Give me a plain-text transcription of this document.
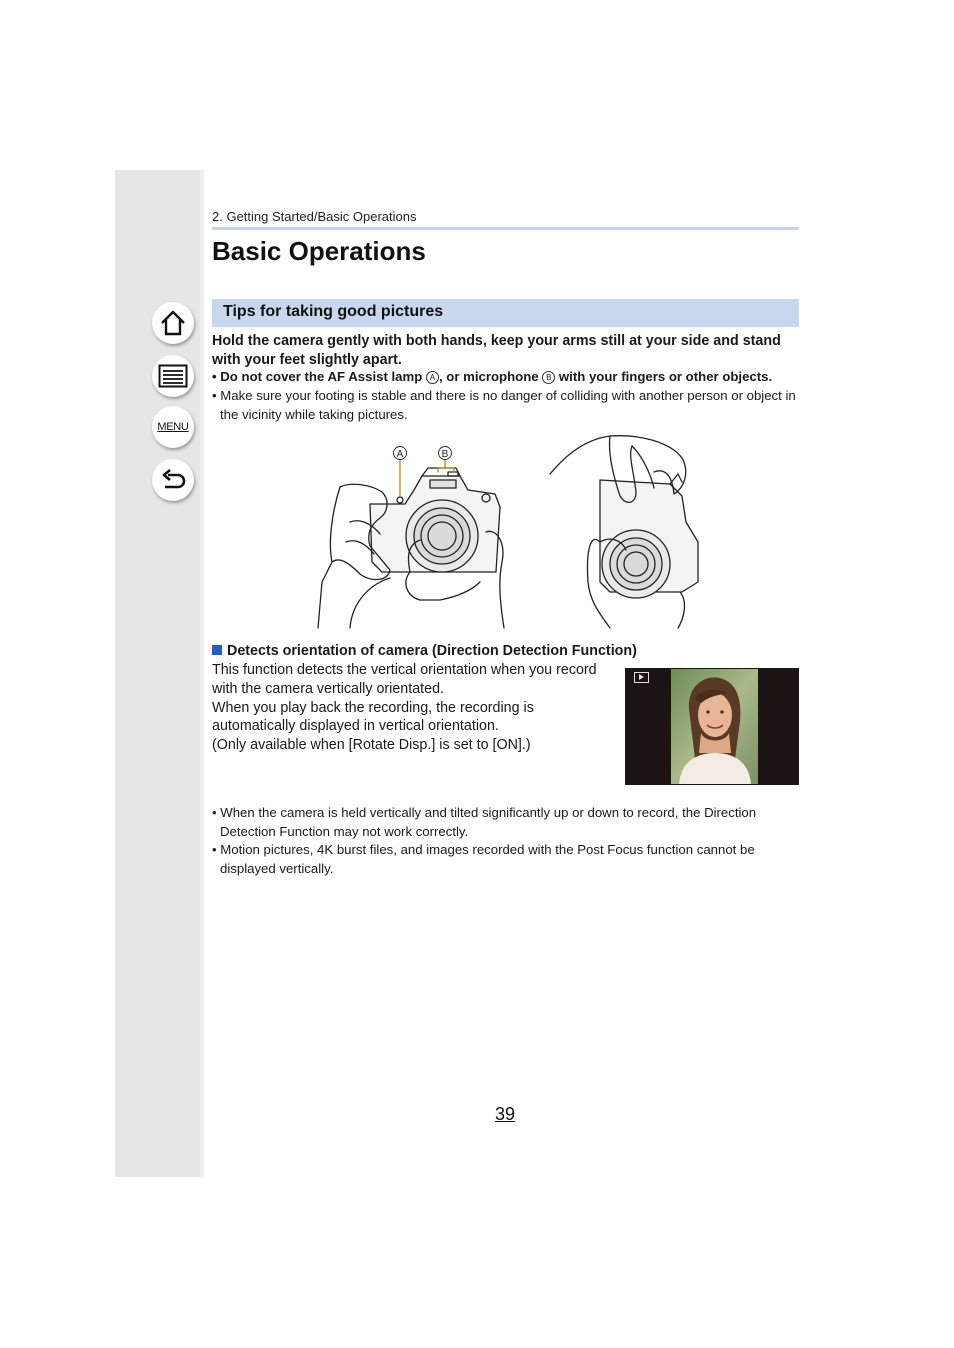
MENU
2. Getting Started/Basic Operations
Basic Operations
Tips for taking good pictures
Hold the camera gently with both hands, keep your arms still at your side and stand with your feet slightly apart.
• Do not cover the AF Assist lamp A , or microphone B with your fingers or other objects.
• Make sure your footing is stable and there is no danger of colliding with another person or object in the vicinity while taking pictures.
A	B
Detects orientation of camera (Direction Detection Function)

This function detects the vertical orientation when you record with the camera vertically orientated.

When you play back the recording, the recording is automatically displayed in vertical orientation.

(Only available when [Rotate Disp.] is set to [ON].)

• When the camera is held vertically and tilted significantly up or down to record, the Direction Detection Function may not work correctly.
• Motion pictures, 4K burst files, and images recorded with the Post Focus function cannot be displayed vertically.
39
